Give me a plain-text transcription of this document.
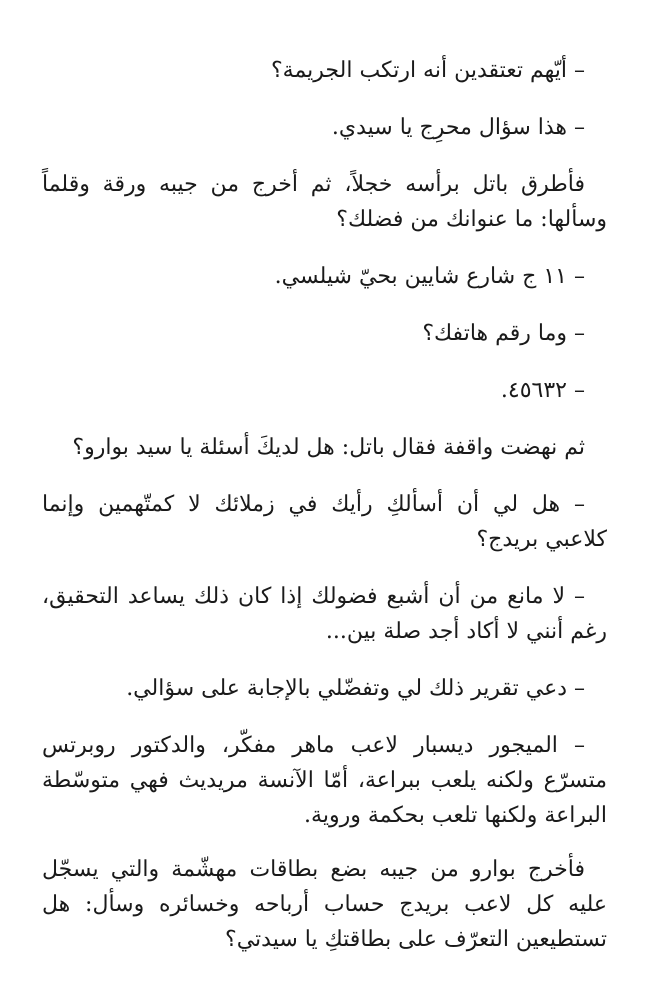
– أيّهم تعتقدين أنه ارتكب الجريمة؟

– هذا سؤال محرِج يا سيدي.

فأطرق باتل برأسه خجلاً، ثم أخرج من جيبه ورقة وقلماً وسألها: ما عنوانك من فضلك؟

– ١١ ج شارع شايين بحيّ شيلسي.

– وما رقم هاتفك؟

– ٤٥٦٣٢.

ثم نهضت واقفة فقال باتل: هل لديكَ أسئلة يا سيد بوارو؟

– هل لي أن أسألكِ رأيك في زملائك لا كمتّهمين وإنما كلاعبي بريدج؟

– لا مانع من أن أشبع فضولك إذا كان ذلك يساعد التحقيق، رغم أنني لا أكاد أجد صلة بين...

– دعي تقرير ذلك لي وتفضّلي بالإجابة على سؤالي.

– الميجور ديسبار لاعب ماهر مفكّر، والدكتور روبرتس متسرّع ولكنه يلعب ببراعة، أمّا الآنسة مريديث فهي متوسّطة البراعة ولكنها تلعب بحكمة وروية.

فأخرج بوارو من جيبه بضع بطاقات مهشّمة والتي يسجّل عليه كل لاعب بريدج حساب أرباحه وخسائره وسأل: هل تستطيعين التعرّف على بطاقتكِ يا سيدتي؟
